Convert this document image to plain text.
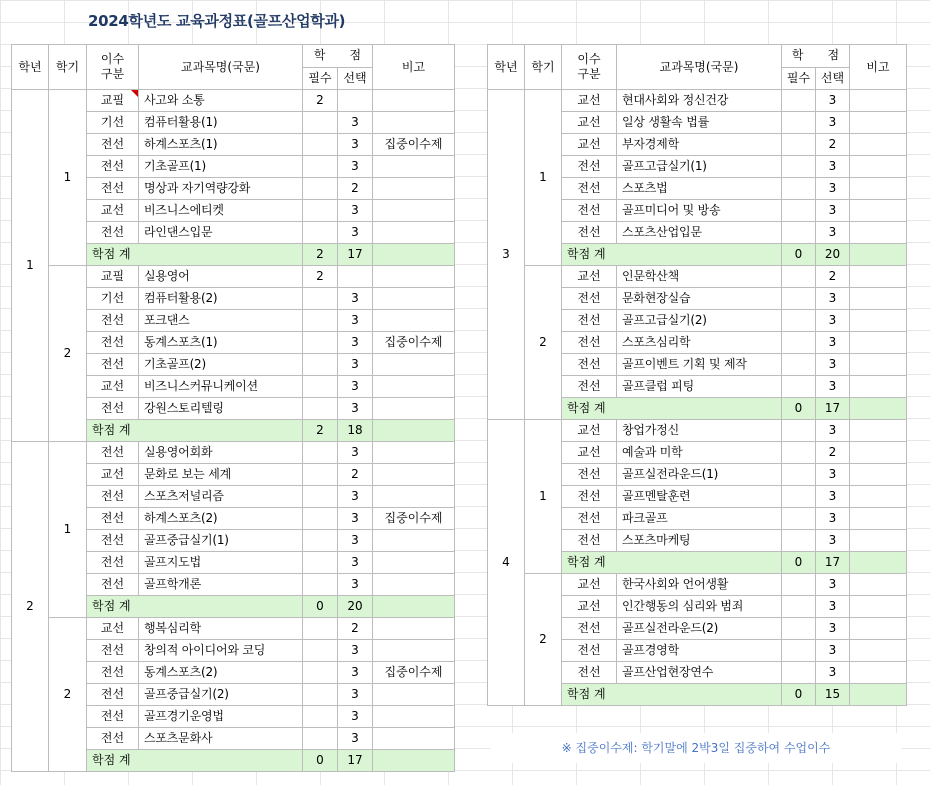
2024학년도 교육과정표(골프산업학과)
학년	학기	이수
구분	교과목명(국문)	학　　점		비고
				필수	선택	
1	1	교필	사고와 소통	2		
		기선	컴퓨터활용(1)		3	
		전선	하계스포츠(1)		3	집중이수제
		전선	기초골프(1)		3	
		전선	명상과 자기역량강화		2	
		교선	비즈니스에티켓		3	
		전선	라인댄스입문		3	
		학점 계		2	17	
	2	교필	실용영어	2		
		기선	컴퓨터활용(2)		3	
		전선	포크댄스		3	
		전선	동계스포츠(1)		3	집중이수제
		전선	기초골프(2)		3	
		교선	비즈니스커뮤니케이션		3	
		전선	강원스토리텔링		3	
		학점 계		2	18	
2	1	전선	실용영어회화		3	
		교선	문화로 보는 세계		2	
		전선	스포츠저널리즘		3	
		전선	하계스포츠(2)		3	집중이수제
		전선	골프중급실기(1)		3	
		전선	골프지도법		3	
		전선	골프학개론		3	
		학점 계		0	20	
	2	교선	행복심리학		2	
		전선	창의적 아이디어와 코딩		3	
		전선	동계스포츠(2)		3	집중이수제
		전선	골프중급실기(2)		3	
		전선	골프경기운영법		3	
		전선	스포츠문화사		3	
		학점 계		0	17	
학년	학기	이수
구분	교과목명(국문)	학　　점		비고
				필수	선택	
3	1	교선	현대사회와 정신건강		3	
		교선	일상 생활속 법률		3	
		교선	부자경제학		2	
		전선	골프고급실기(1)		3	
		전선	스포츠법		3	
		전선	골프미디어 및 방송		3	
		전선	스포츠산업입문		3	
		학점 계		0	20	
	2	교선	인문학산책		2	
		전선	문화현장실습		3	
		전선	골프고급실기(2)		3	
		전선	스포츠심리학		3	
		전선	골프이벤트 기획 및 제작		3	
		전선	골프클럽 피팅		3	
		학점 계		0	17	
4	1	교선	창업가정신		3	
		교선	예술과 미학		2	
		전선	골프실전라운드(1)		3	
		전선	골프멘탈훈련		3	
		전선	파크골프		3	
		전선	스포츠마케팅		3	
		학점 계		0	17	
	2	교선	한국사회와 언어생활		3	
		교선	인간행동의 심리와 범죄		3	
		전선	골프실전라운드(2)		3	
		전선	골프경영학		3	
		전선	골프산업현장연수		3	
		학점 계		0	15	
※ 집중이수제: 학기말에 2박3일 집중하여 수업이수
